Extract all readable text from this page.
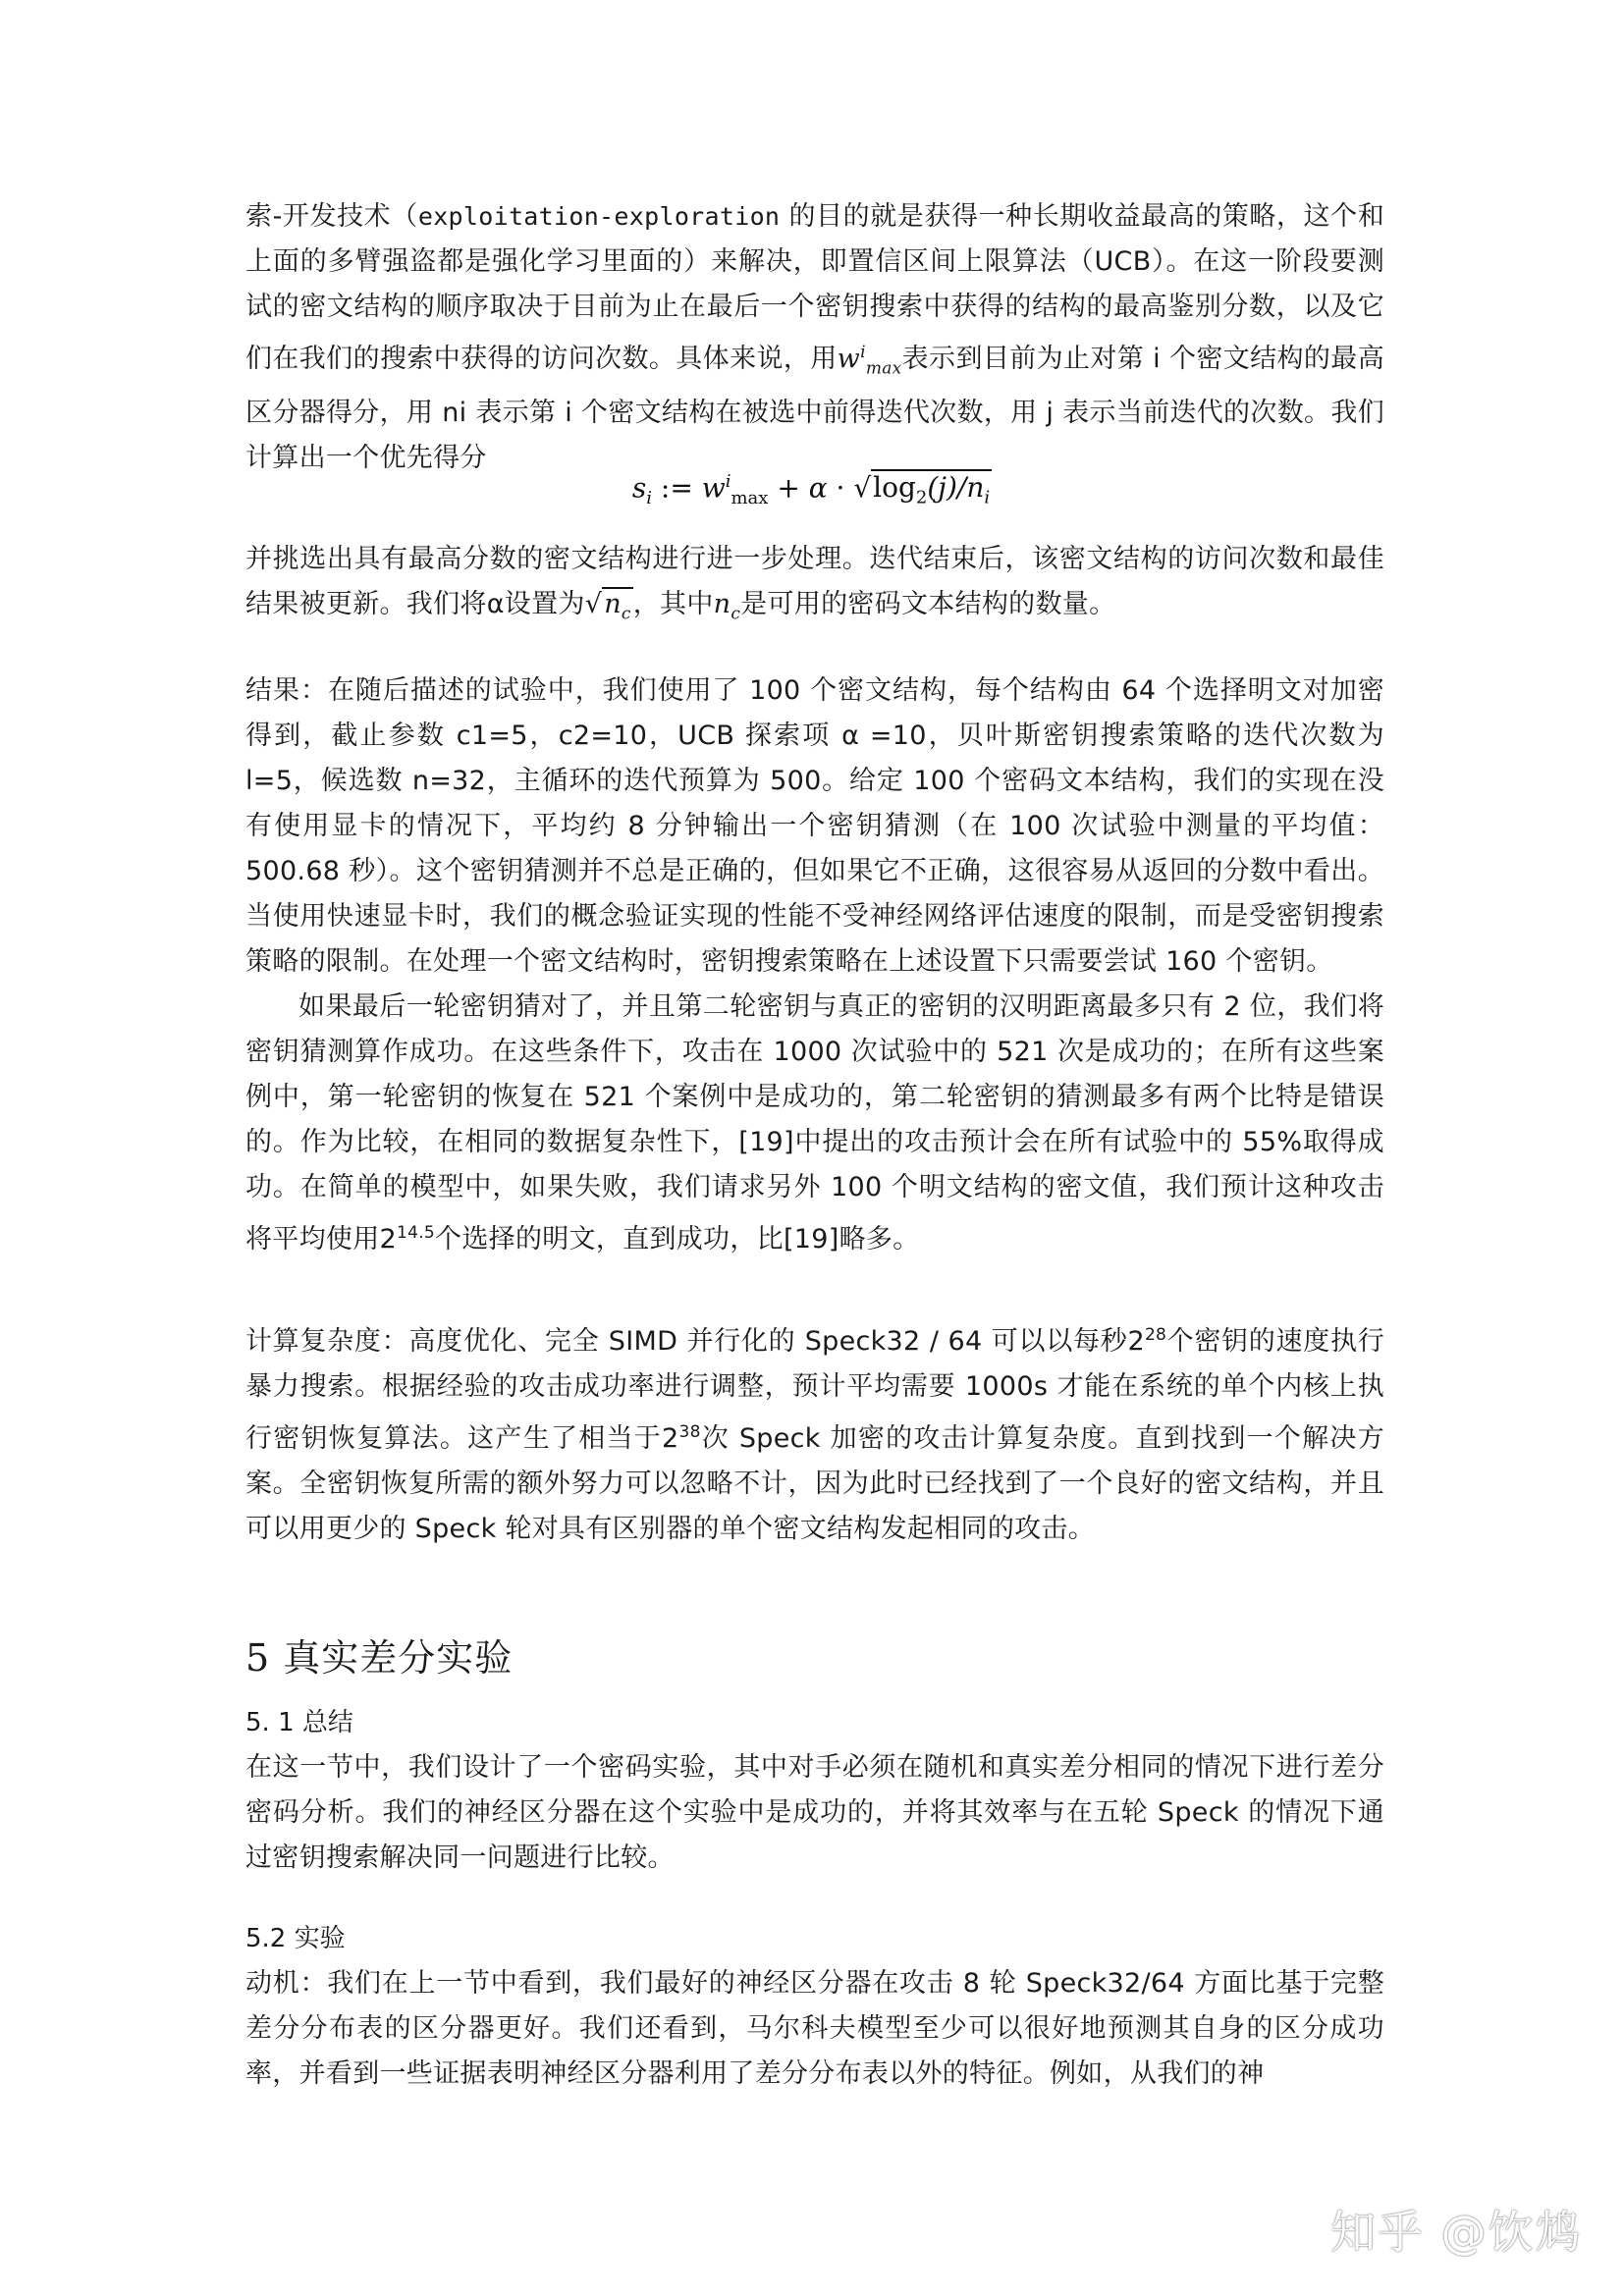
索-开发技术（exploitation-exploration 的目的就是获得一种长期收益最高的策略，这个和上面的多臂强盗都是强化学习里面的）来解决，即置信区间上限算法（UCB）。在这一阶段要测试的密文结构的顺序取决于目前为止在最后一个密钥搜索中获得的结构的最高鉴别分数，以及它们在我们的搜索中获得的访问次数。具体来说，用$w^i_{max}$表示到目前为止对第 i 个密文结构的最高区分器得分，用 ni 表示第 i 个密文结构在被选中前得迭代次数，用 j 表示当前迭代的次数。我们计算出一个优先得分

$s_i$ := $w^i_{max} + \alpha \cdot √\log_2(j)/n_i$

并挑选出具有最高分数的密文结构进行进一步处理。迭代结束后，该密文结构的访问次数和最佳结果被更新。我们将α设置为$√n_c$，其中$n_c$是可用的密码文本结构的数量。

结果：在随后描述的试验中，我们使用了 100 个密文结构，每个结构由 64 个选择明文对加密得到，截止参数 c1=5，c2=10，UCB 探索项 α =10，贝叶斯密钥搜索策略的迭代次数为 l=5，候选数 n=32，主循环的迭代预算为 500。给定 100 个密码文本结构，我们的实现在没有使用显卡的情况下，平均约 8 分钟输出一个密钥猜测（在 100 次试验中测量的平均值：500.68 秒）。这个密钥猜测并不总是正确的，但如果它不正确，这很容易从返回的分数中看出。当使用快速显卡时，我们的概念验证实现的性能不受神经网络评估速度的限制，而是受密钥搜索策略的限制。在处理一个密文结构时，密钥搜索策略在上述设置下只需要尝试 160 个密钥。

如果最后一轮密钥猜对了，并且第二轮密钥与真正的密钥的汉明距离最多只有 2 位，我们将密钥猜测算作成功。在这些条件下，攻击在 1000 次试验中的 521 次是成功的；在所有这些案例中，第一轮密钥的恢复在 521 个案例中是成功的，第二轮密钥的猜测最多有两个比特是错误的。作为比较，在相同的数据复杂性下，[19]中提出的攻击预计会在所有试验中的 55%取得成功。在简单的模型中，如果失败，我们请求另外 100 个明文结构的密文值，我们预计这种攻击将平均使用$2^{14.5}$个选择的明文，直到成功，比[19]略多。

计算复杂度：高度优化、完全 SIMD 并行化的 Speck32 / 64 可以以每秒$2^{28}$个密钥的速度执行暴力搜索。根据经验的攻击成功率进行调整，预计平均需要 1000s 才能在系统的单个内核上执行密钥恢复算法。这产生了相当于$2^{38}$次 Speck 加密的攻击计算复杂度。直到找到一个解决方案。全密钥恢复所需的额外努力可以忽略不计，因为此时已经找到了一个良好的密文结构，并且可以用更少的 Speck 轮对具有区别器的单个密文结构发起相同的攻击。

5 真实差分实验

5. 1 总结

在这一节中，我们设计了一个密码实验，其中对手必须在随机和真实差分相同的情况下进行差分密码分析。我们的神经区分器在这个实验中是成功的，并将其效率与在五轮 Speck 的情况下通过密钥搜索解决同一问题进行比较。

5.2 实验

动机：我们在上一节中看到，我们最好的神经区分器在攻击 8 轮 Speck32/64 方面比基于完整差分分布表的区分器更好。我们还看到，马尔科夫模型至少可以很好地预测其自身的区分成功率，并看到一些证据表明神经区分器利用了差分分布表以外的特征。例如，从我们的神

知乎 @饮鸩
